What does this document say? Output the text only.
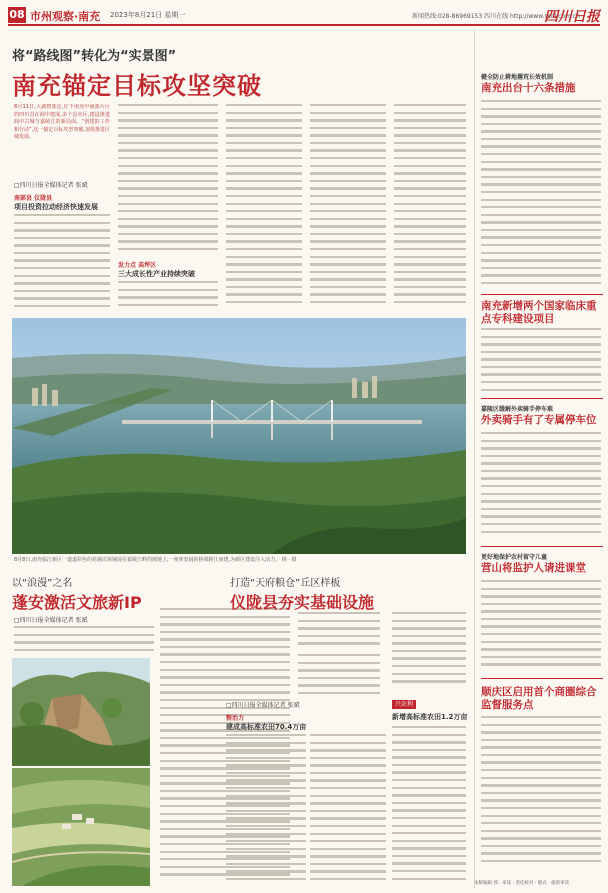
08 市州观察·南充 2023年8月21日 星期一	新闻热线:028-86969153 四川在线 http://www.scol.com.cn
四川日报
将“路线图”转化为“实景图”
南充锚定目标攻坚突破
8月11日,大湖碧蓝泛,往下南充中南部片区的四川首在阆中建成,多个县市区,建设推进阆中古城与嘉陵江的新局面。“创建的工作和行动”,这一锚定目标攻坚突破,加快推进区域发展。
□四川日报全媒体记者 张斌
南部县 仪陇县
项目投资拉动经济快速发展
发力点 高坪区
三大成长性产业持续突破
8月8日,南充临江新区一道道彩色的花圃次第铺展在嘉陵江畔的坡地上,一座座宽阔的桥梁跨江而建,为新区建设注入活力。 杨 · 摄
以“浪漫”之名
蓬安激活文旅新IP
□四川日报全媒体记者 张斌
打造“天府粮仓”丘区样板
仪陇县夯实基础设施
□四川日报全媒体记者 张斌
整治力
建成高标准农田70.4万亩
兴农利
新增高标准农田1.2万亩
健全防止耕地撂荒长效机制
南充出台十六条措施
南充新增两个国家临床重点专科建设项目
嘉陵区缓解外卖骑手停车难
外卖骑手有了专属停车位
更好地保护农村留守儿童
营山将监护人请进课堂
顺庆区启用首个商圈综合监督服务点
本版编辑 郭 · 审读 · 责任校对 · 版式 · 值班审读
